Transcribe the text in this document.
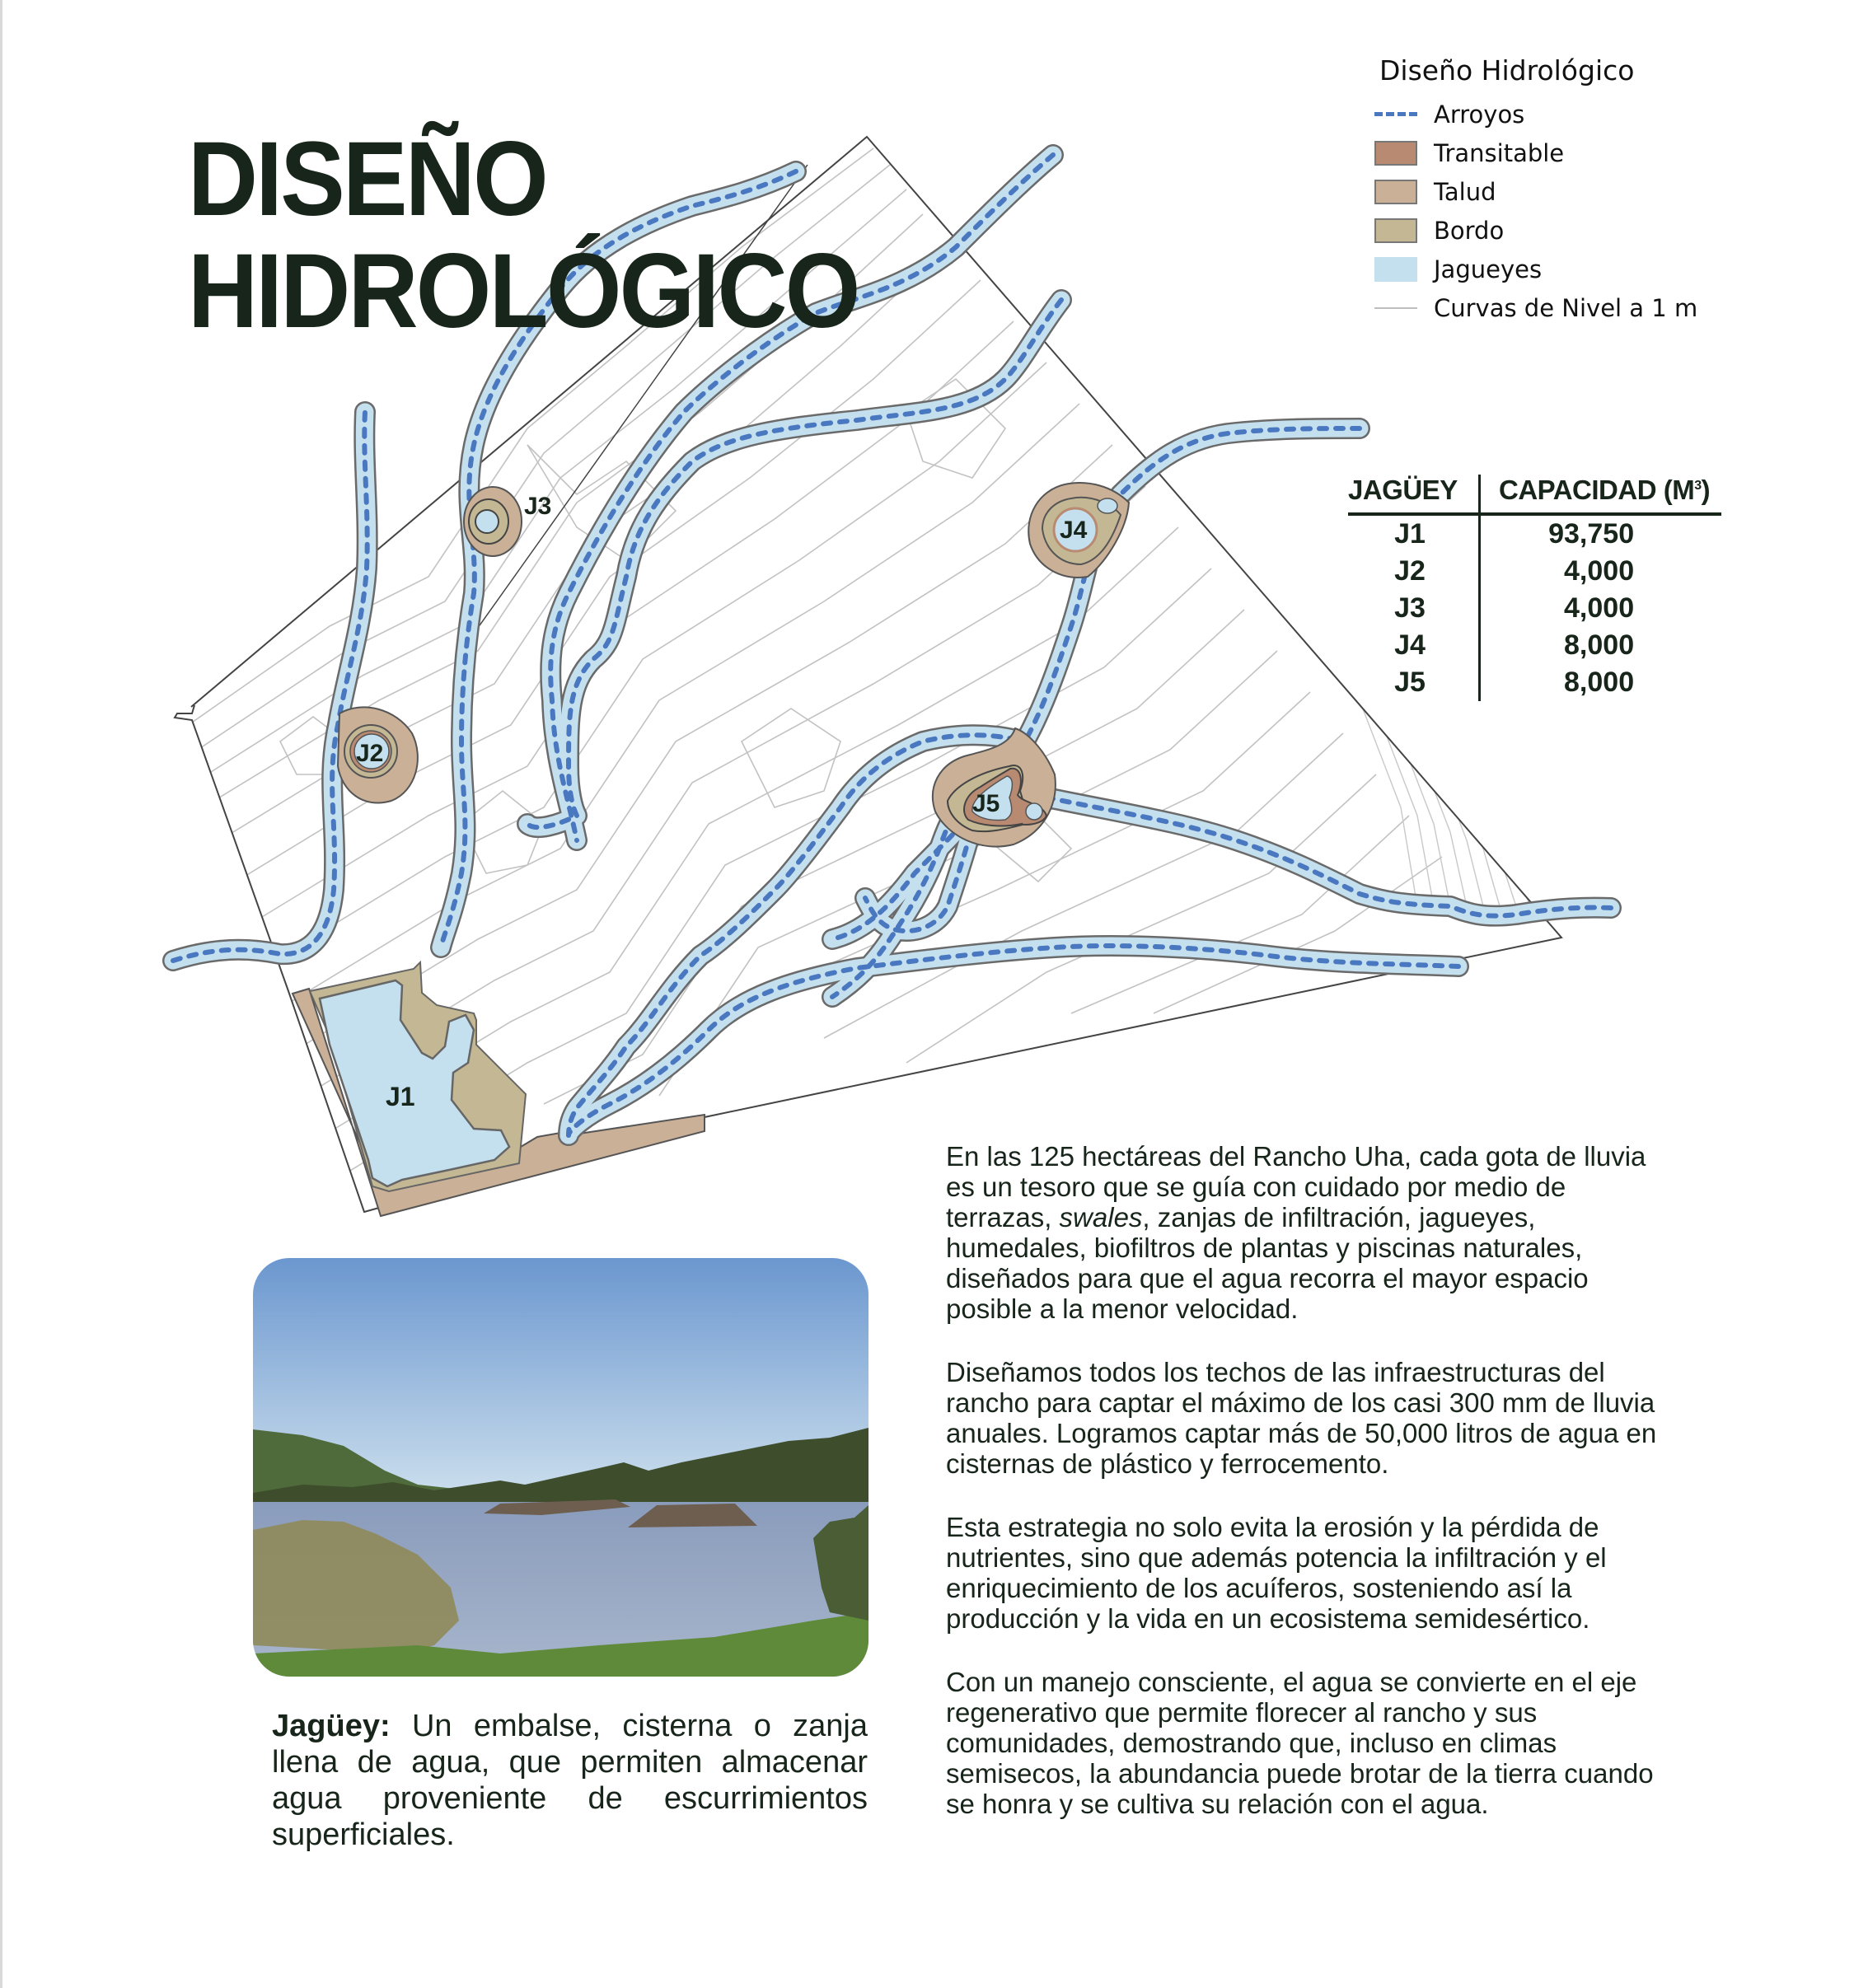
DISEÑO
HIDROLÓGICO
J1
J2
J3
J4
J5
Diseño Hidrológico
Arroyos
Transitable
Talud
Bordo
Jagueyes
Curvas de Nivel a 1 m
JAGÜEY	CAPACIDAD $(M^3)$
J1	93,750
J2	4,000
J3	4,000
J4	8,000
J5	8,000
Jagüey: Un embalse, cisterna o zanja llena de agua, que permiten almacenar agua proveniente de escurrimientos superficiales.

En las 125 hectáreas del Rancho Uha, cada gota de lluvia es un tesoro que se guía con cuidado por medio de terrazas, swales, zanjas de infiltración, jagueyes, humedales, biofiltros de plantas y piscinas naturales, diseñados para que el agua recorra el mayor espacio posible a la menor velocidad.

Diseñamos todos los techos de las infraestructuras del rancho para captar el máximo de los casi 300 mm de lluvia anuales. Logramos captar más de 50,000 litros de agua en cisternas de plástico y ferrocemento.

Esta estrategia no solo evita la erosión y la pérdida de nutrientes, sino que además potencia la infiltración y el enriquecimiento de los acuíferos, sosteniendo así la producción y la vida en un ecosistema semidesértico.

Con un manejo consciente, el agua se convierte en el eje regenerativo que permite florecer al rancho y sus comunidades, demostrando que, incluso en climas semisecos, la abundancia puede brotar de la tierra cuando se honra y se cultiva su relación con el agua.
